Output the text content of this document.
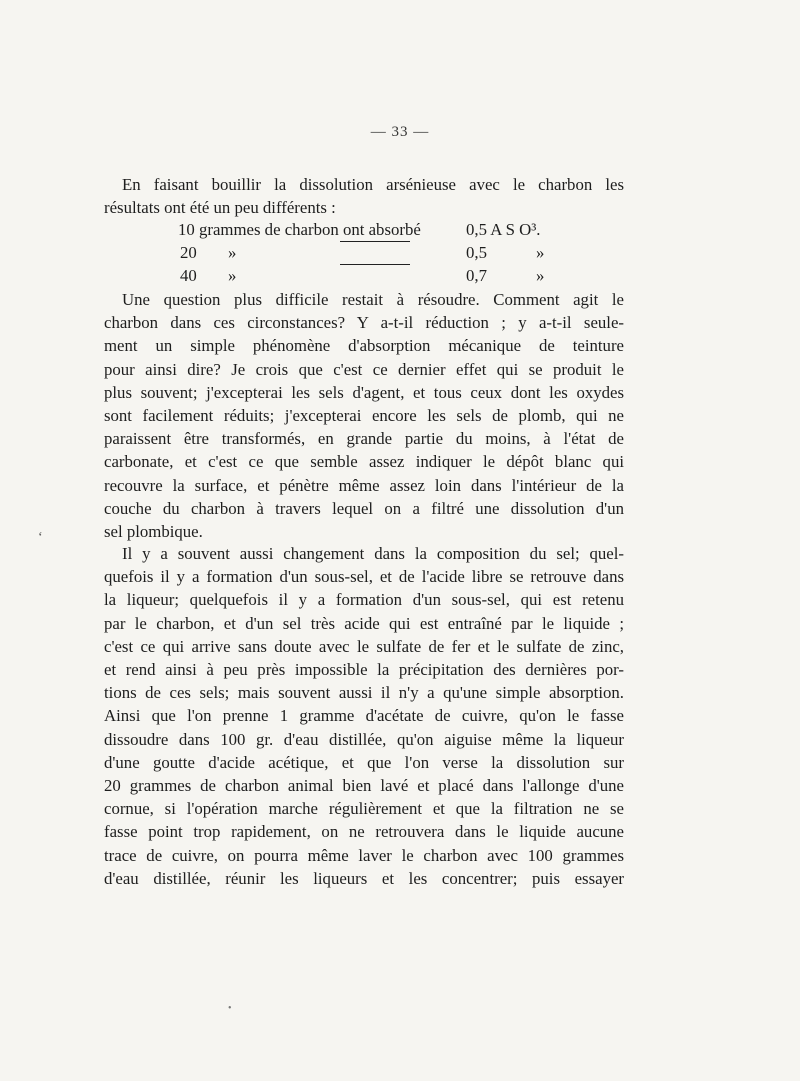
— 33 —
En faisant bouillir la dissolution arsénieuse avec le charbon les
résultats ont été un peu différents :
10 grammes de charbon ont absorbé	0,5 A S O³.
20 »	0,5	»
40 »	0,7	»
Une question plus difficile restait à résoudre. Comment agit le
charbon dans ces circonstances? Y a-t-il réduction ; y a-t-il seule-
ment un simple phénomène d'absorption mécanique de teinture
pour ainsi dire? Je crois que c'est ce dernier effet qui se produit le
plus souvent; j'excepterai les sels d'agent, et tous ceux dont les oxydes
sont facilement réduits; j'excepterai encore les sels de plomb, qui ne
paraissent être transformés, en grande partie du moins, à l'état de
carbonate, et c'est ce que semble assez indiquer le dépôt blanc qui
recouvre la surface, et pénètre même assez loin dans l'intérieur de la
couche du charbon à travers lequel on a filtré une dissolution d'un
sel plombique.
Il y a souvent aussi changement dans la composition du sel; quel-
quefois il y a formation d'un sous-sel, et de l'acide libre se retrouve dans
la liqueur; quelquefois il y a formation d'un sous-sel, qui est retenu
par le charbon, et d'un sel très acide qui est entraîné par le liquide ;
c'est ce qui arrive sans doute avec le sulfate de fer et le sulfate de zinc,
et rend ainsi à peu près impossible la précipitation des dernières por-
tions de ces sels; mais souvent aussi il n'y a qu'une simple absorption.
Ainsi que l'on prenne 1 gramme d'acétate de cuivre, qu'on le fasse
dissoudre dans 100 gr. d'eau distillée, qu'on aiguise même la liqueur
d'une goutte d'acide acétique, et que l'on verse la dissolution sur
20 grammes de charbon animal bien lavé et placé dans l'allonge d'une
cornue, si l'opération marche régulièrement et que la filtration ne se
fasse point trop rapidement, on ne retrouvera dans le liquide aucune
trace de cuivre, on pourra même laver le charbon avec 100 grammes
d'eau distillée, réunir les liqueurs et les concentrer; puis essayer
‘
•
